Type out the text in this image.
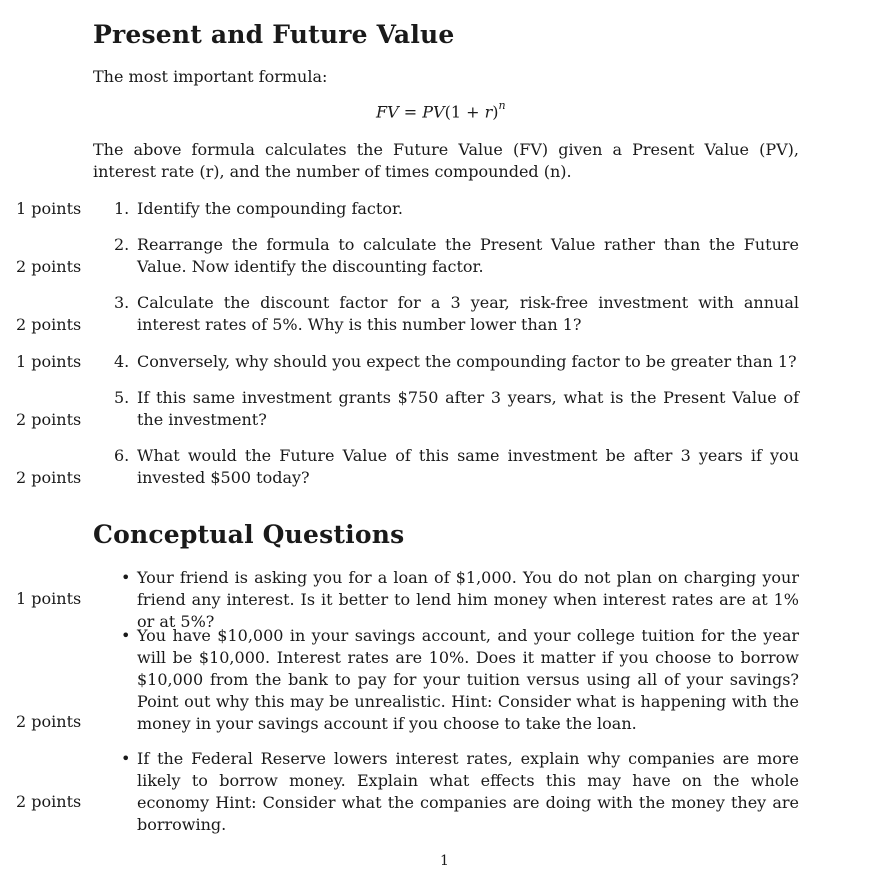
Present and Future Value

The most important formula:

FV = $PV(1 + r)^n$

The above formula calculates the Future Value (FV) given a Present Value (PV), interest rate (r), and the number of times compounded (n).

1. Identify the compounding factor.
1 points
2. Rearrange the formula to calculate the Present Value rather than the Future Value. Now identify the discounting factor.
2 points
3. Calculate the discount factor for a 3 year, risk-free investment with annual interest rates of 5%. Why is this number lower than 1?
2 points
4. Conversely, why should you expect the compounding factor to be greater than 1?
1 points
5. If this same investment grants $750 after 3 years, what is the Present Value of the investment?
2 points
6. What would the Future Value of this same investment be after 3 years if you invested $500 today?
2 points
Conceptual Questions
• Your friend is asking you for a loan of $1,000. You do not plan on charging your friend any interest. Is it better to lend him money when interest rates are at 1% or at 5%?
1 points
• You have $10,000 in your savings account, and your college tuition for the year will be $10,000. Interest rates are 10%. Does it matter if you choose to borrow $10,000 from the bank to pay for your tuition versus using all of your savings? Point out why this may be unrealistic. Hint: Consider what is happening with the money in your savings account if you choose to take the loan.
2 points
• If the Federal Reserve lowers interest rates, explain why companies are more likely to borrow money. Explain what effects this may have on the whole economy Hint: Consider what the companies are doing with the money they are borrowing.
2 points
1
